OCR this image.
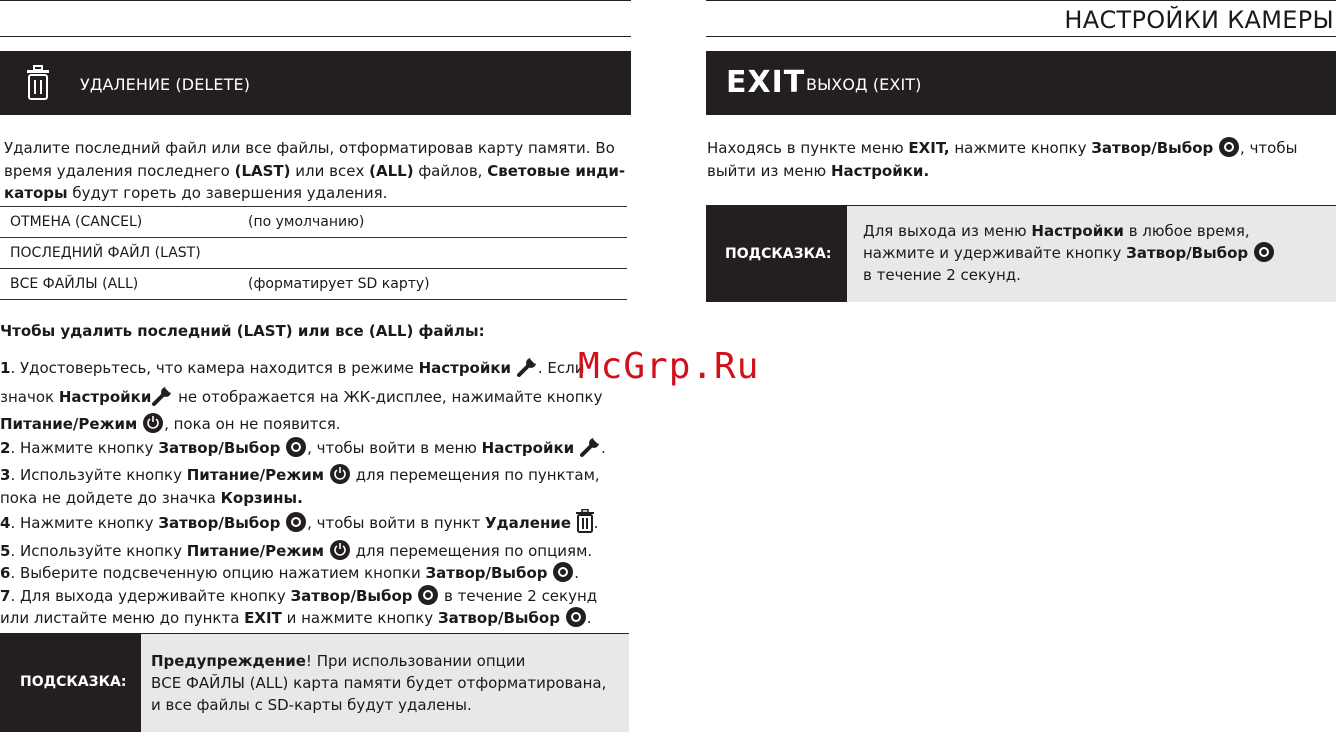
НАСТРОЙКИ КАМЕРЫ
УДАЛЕНИЕ (DELETE)
Удалите последний файл или все файлы, отформатировав карту памяти. Во
время удаления последнего (LAST) или всех (ALL) файлов, Световые инди-
каторы будут гореть до завершения удаления.
ОТМЕНА (CANCEL)	(по умолчанию)
ПОСЛЕДНИЙ ФАЙЛ (LAST)	
ВСЕ ФАЙЛЫ (ALL)	(форматирует SD карту)
Чтобы удалить последний (LAST) или все (ALL) файлы:
1. Удостоверьтесь, что камера находится в режиме Настройки . Если
значок Настройки не отображается на ЖК-дисплее, нажимайте кнопку
Питание/Режим , пока он не появится.
2. Нажмите кнопку Затвор/Выбор , чтобы войти в меню Настройки .
3. Используйте кнопку Питание/Режим  для перемещения по пунктам,
пока не дойдете до значка Корзины.
4. Нажмите кнопку Затвор/Выбор , чтобы войти в пункт Удаление .
5. Используйте кнопку Питание/Режим  для перемещения по опциям.
6. Выберите подсвеченную опцию нажатием кнопки Затвор/Выбор .
7. Для выхода удерживайте кнопку Затвор/Выбор  в течение 2 секунд
или листайте меню до пункта EXIT и нажмите кнопку Затвор/Выбор .
ПОДСКАЗКА:
Предупреждение! При использовании опции
ВСЕ ФАЙЛЫ (ALL) карта памяти будет отформатирована,
и все файлы с SD-карты будут удалены.
EXIT ВЫХОД (EXIT)
Находясь в пункте меню EXIT, нажмите кнопку Затвор/Выбор , чтобы
выйти из меню Настройки.
ПОДСКАЗКА:
Для выхода из меню Настройки в любое время,
нажмите и удерживайте кнопку Затвор/Выбор
в течение 2 секунд.
McGrp.Ru
